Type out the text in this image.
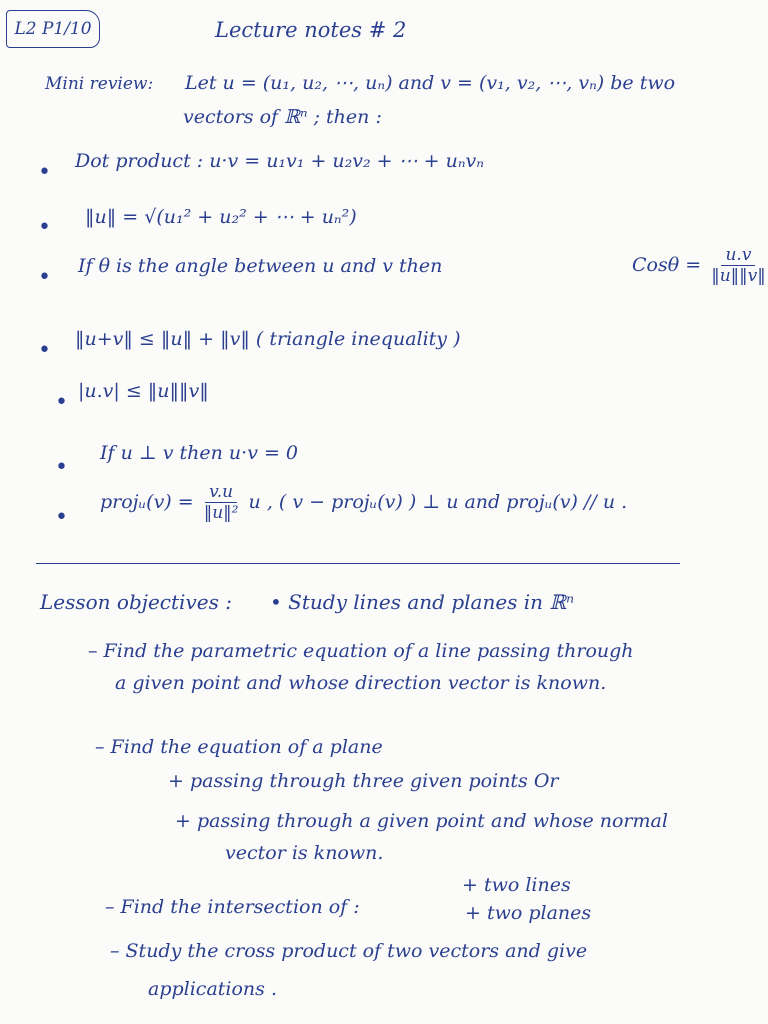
L2 P1/10	Lecture notes # 2
Mini review: Let u = (u₁, u₂, ⋯, uₙ) and v = (v₁, v₂, ⋯, vₙ) be two
vectors of ℝⁿ ; then :
• Dot product : u·v = u₁v₁ + u₂v₂ + ⋯ + uₙvₙ
• ‖u‖ = √(u₁² + u₂² + ⋯ + uₙ²)
• If θ is the angle between u and v then	$Cos\theta = \frac{u.v}{‖u‖‖v‖}$
• ‖u+v‖ ≤ ‖u‖ + ‖v‖ ( triangle inequality )
• |u.v| ≤ ‖u‖‖v‖
•
If u ⊥ v then u·v = 0
•
projᵤ(v) = $\frac{v.u}{\text{‖u‖²}}$ u , ( v − projᵤ(v) ) ⊥ u and projᵤ(v) // u .
Lesson objectives : • Study lines and planes in ℝⁿ
– Find the parametric equation of a line passing through
a given point and whose direction vector is known.
– Find the equation of a plane
+ passing through three given points Or
+ passing through a given point and whose normal
vector is known.
– Find the intersection of :
+ two lines
+ two planes
– Study the cross product of two vectors and give
applications .
